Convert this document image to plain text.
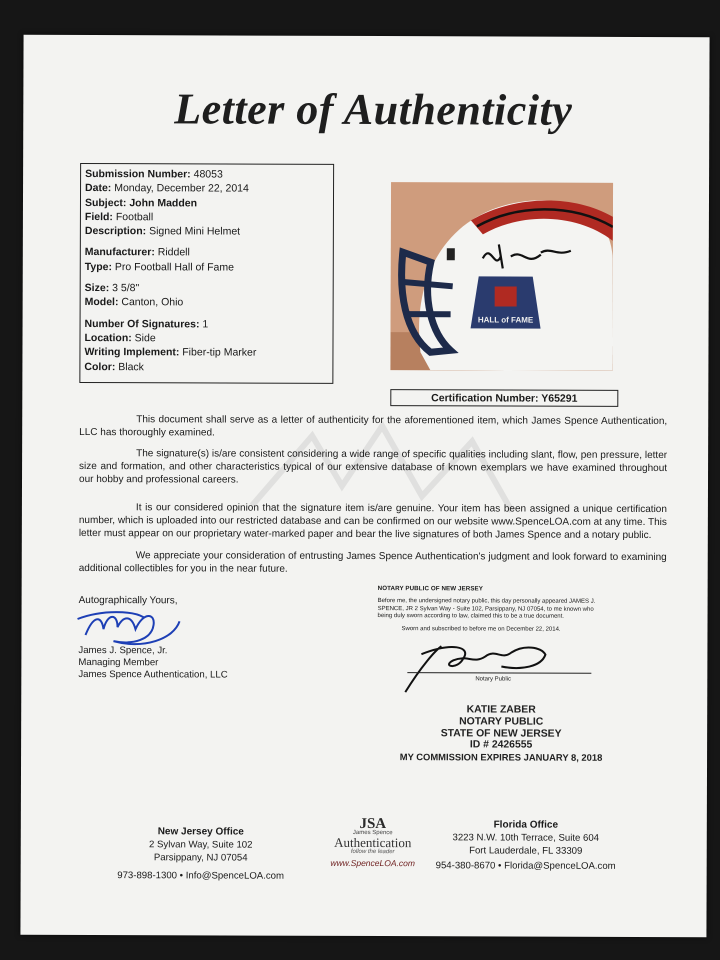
Letter of Authenticity
Submission Number: 48053
Date: Monday, December 22, 2014
Subject: John Madden
Field: Football
Description: Signed Mini Helmet
Manufacturer: Riddell
Type: Pro Football Hall of Fame
Size: 3 5/8"
Model: Canton, Ohio
Number Of Signatures: 1
Location: Side
Writing Implement: Fiber-tip Marker
Color: Black
HALL of FAME
Certification Number: Y65291
This document shall serve as a letter of authenticity for the aforementioned item, which James Spence Authentication, LLC has thoroughly examined.
The signature(s) is/are consistent considering a wide range of specific qualities including slant, flow, pen pressure, letter size and formation, and other characteristics typical of our extensive database of known exemplars we have examined throughout our hobby and professional careers.
It is our considered opinion that the signature item is/are genuine. Your item has been assigned a unique certification number, which is uploaded into our restricted database and can be confirmed on our website www.SpenceLOA.com at any time. This letter must appear on our proprietary water-marked paper and bear the live signatures of both James Spence and a notary public.
We appreciate your consideration of entrusting James Spence Authentication's judgment and look forward to examining additional collectibles for you in the near future.
Autographically Yours,
James J. Spence, Jr.
Managing Member
James Spence Authentication, LLC
NOTARY PUBLIC OF NEW JERSEY
Before me, the undersigned notary public, this day personally appeared JAMES J. SPENCE, JR 2 Sylvan Way - Suite 102, Parsippany, NJ 07054, to me known who being duly sworn according to law, claimed this to be a true document.
Sworn and subscribed to before me on December 22, 2014.
Notary Public
KATIE ZABER
NOTARY PUBLIC
STATE OF NEW JERSEY
ID # 2426555
MY COMMISSION EXPIRES JANUARY 8, 2018
New Jersey Office
2 Sylvan Way, Suite 102
Parsippany, NJ 07054

973-898-1300 • Info@SpenceLOA.com
JSA
James Spence
Authentication
follow the leader
www.SpenceLOA.com
Florida Office
3223 N.W. 10th Terrace, Suite 604
Fort Lauderdale, FL 33309

954-380-8670 • Florida@SpenceLOA.com
